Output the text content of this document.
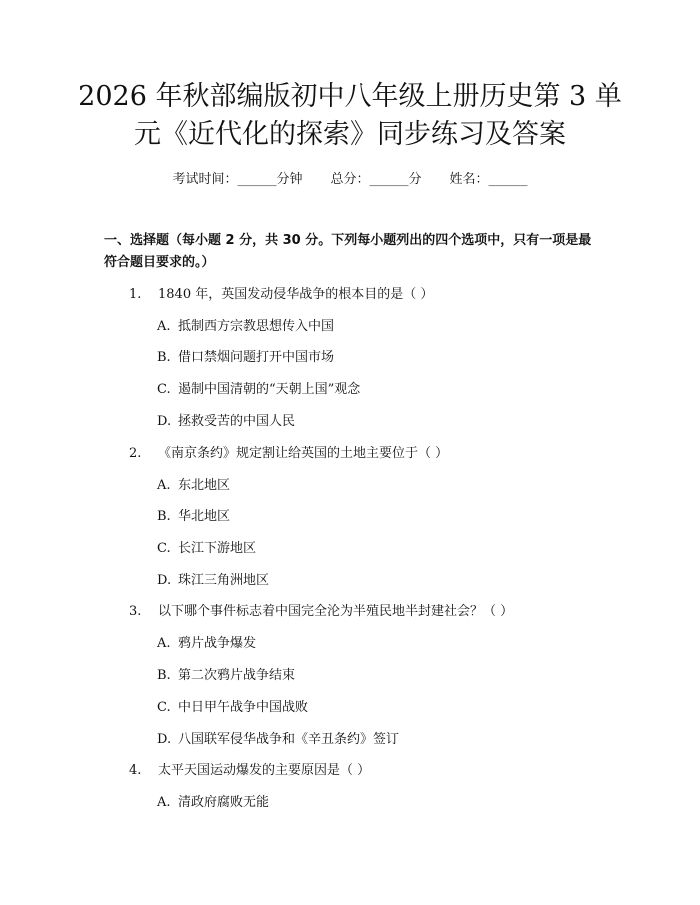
2026 年秋部编版初中八年级上册历史第 3 单
元《近代化的探索》同步练习及答案
考试时间：______分钟 总分：______分 姓名：______
一、选择题（每小题 2 分，共 30 分。下列每小题列出的四个选项中，只有一项是最符合题目要求的。）
1. 1840 年，英国发动侵华战争的根本目的是（ ）
A. 抵制西方宗教思想传入中国
B. 借口禁烟问题打开中国市场
C. 遏制中国清朝的“天朝上国”观念
D. 拯救受苦的中国人民
2. 《南京条约》规定割让给英国的土地主要位于（ ）
A. 东北地区
B. 华北地区
C. 长江下游地区
D. 珠江三角洲地区
3. 以下哪个事件标志着中国完全沦为半殖民地半封建社会？（ ）
A. 鸦片战争爆发
B. 第二次鸦片战争结束
C. 中日甲午战争中国战败
D. 八国联军侵华战争和《辛丑条约》签订
4. 太平天国运动爆发的主要原因是（ ）
A. 清政府腐败无能
